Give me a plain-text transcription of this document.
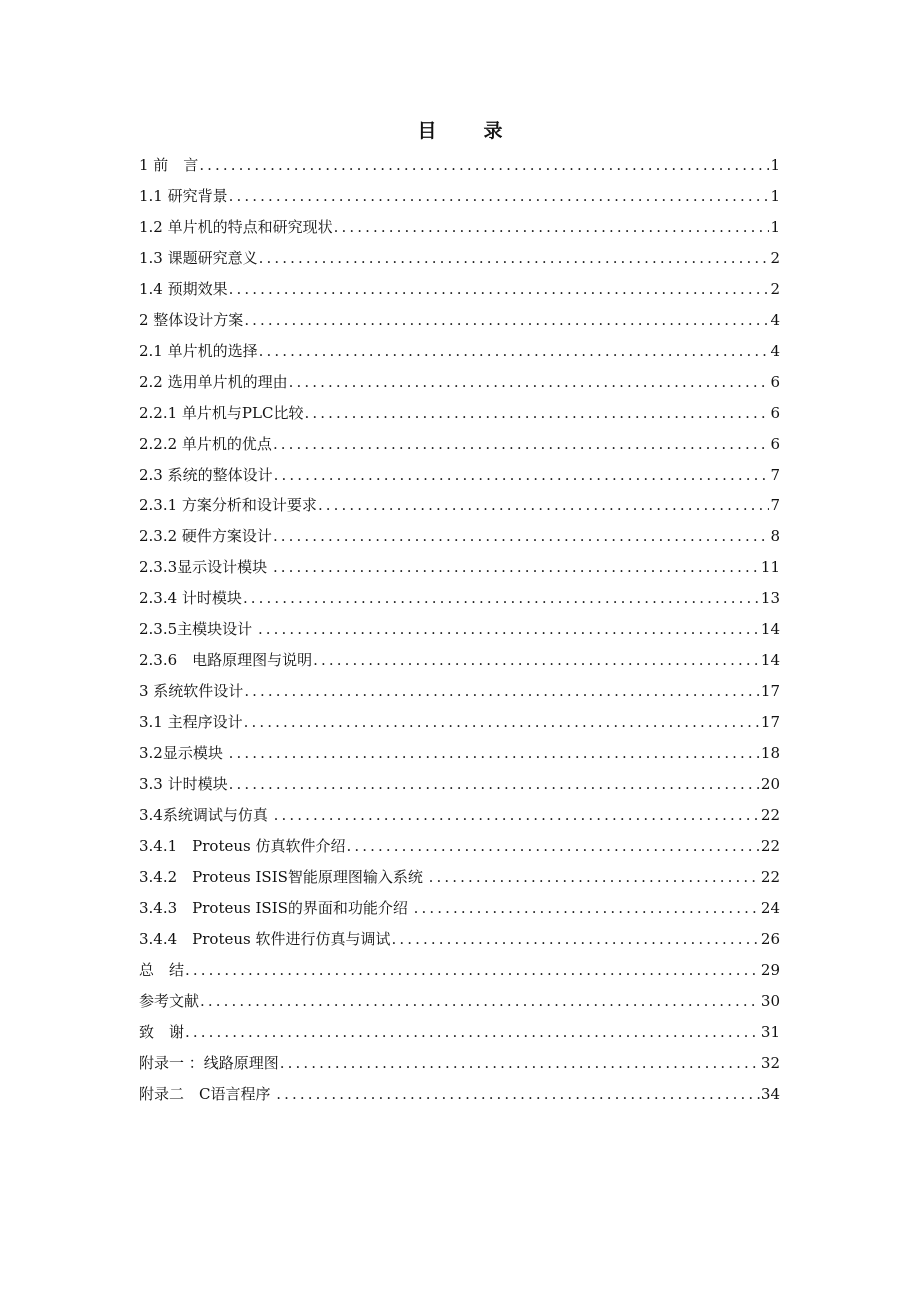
目　录
1 前　言 .....	1
1.1 研究背景 .....	1
1.2 单片机的特点和研究现状 .....	1
1.3 课题研究意义 .....	2
1.4 预期效果 .....	2
2 整体设计方案 .....	4
2.1 单片机的选择 .....	4
2.2 选用单片机的理由 .....	6
2.2.1 单片机与PLC比较 .....	6
2.2.2 单片机的优点 .....	6
2.3 系统的整体设计 .....	7
2.3.1 方案分析和设计要求 .....	7
2.3.2 硬件方案设计 .....	8
2.3.3显示设计模块 .....	11
2.3.4 计时模块 .....	13
2.3.5主模块设计 .....	14
2.3.6　电路原理图与说明 .....	14
3 系统软件设计 .....	17
3.1 主程序设计 .....	17
3.2显示模块 .....	18
3.3 计时模块 .....	20
3.4系统调试与仿真 .....	22
3.4.1　Proteus 仿真软件介绍 .....	22
3.4.2　Proteus ISIS智能原理图输入系统 .....	22
3.4.3　Proteus ISIS的界面和功能介绍 .....	24
3.4.4　Proteus 软件进行仿真与调试 .....	26
总　结 .....	29
参考文献 .....	30
致　谢 .....	31
附录一 ：线路原理图 .....	32
附录二　C语言程序 .....	34
